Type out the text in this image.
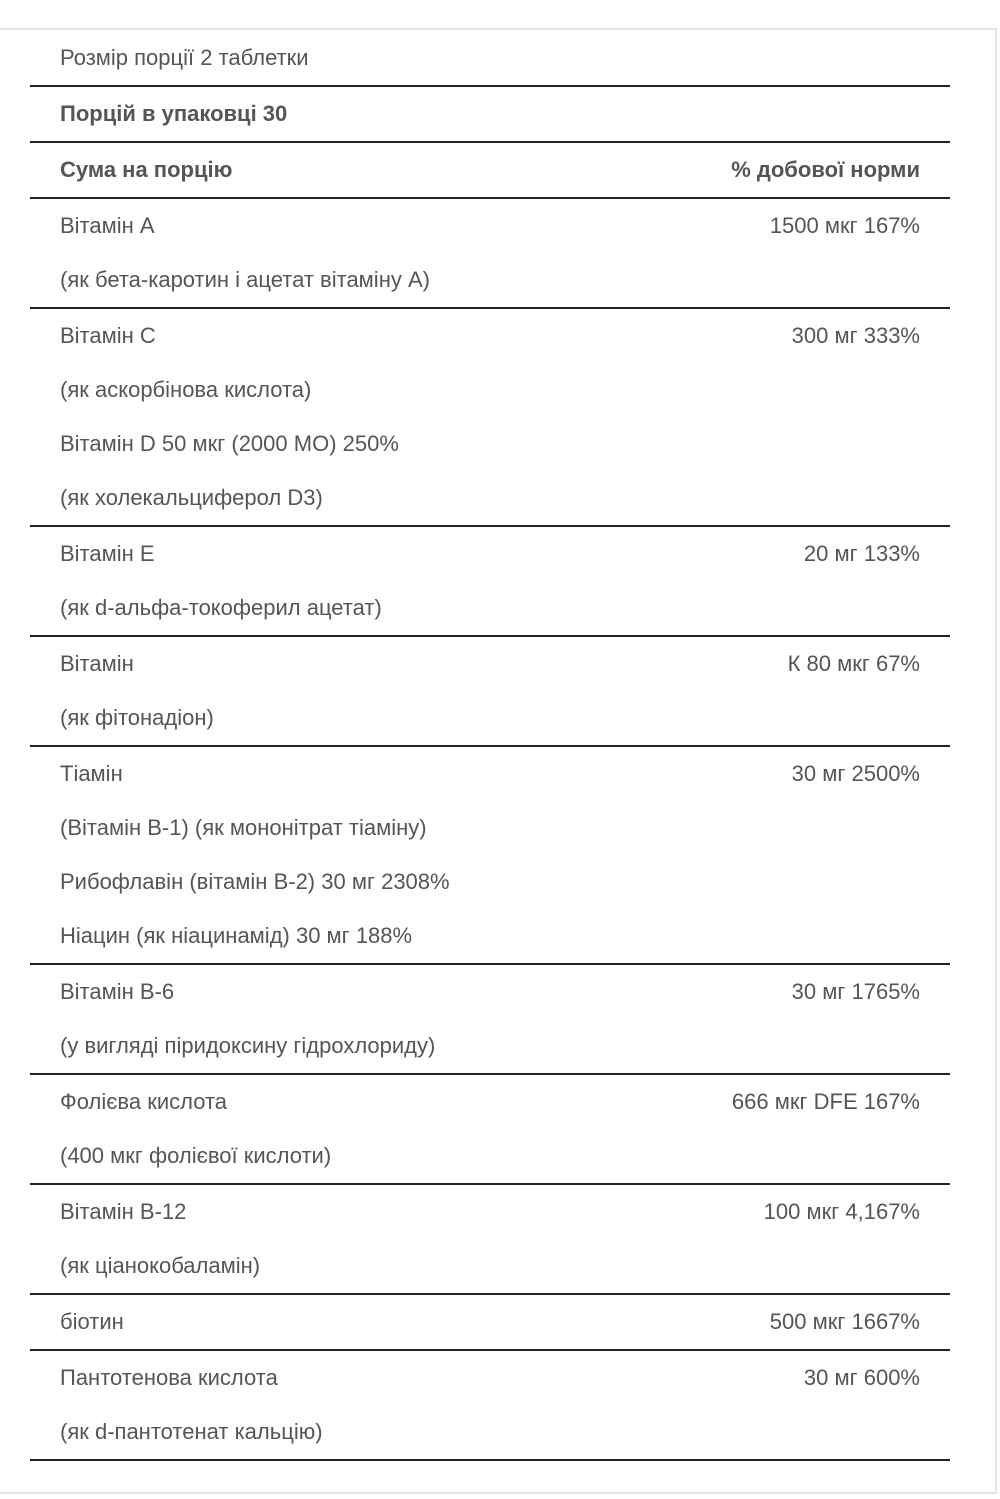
Розмір порції 2 таблетки
Порцій в упаковці 30
Сума на порцію	% добової норми
Вітамін А	1500 мкг 167%
(як бета-каротин і ацетат вітаміну А)
Вітамін С	300 мг 333%
(як аскорбінова кислота)
Вітамін D 50 мкг (2000 МО) 250%
(як холекальциферол D3)
Вітамін Е	20 мг 133%
(як d-альфа-токоферил ацетат)
Вітамін	К 80 мкг 67%
(як фітонадіон)
Тіамін	30 мг 2500%
(Вітамін В-1) (як мононітрат тіаміну)
Рибофлавін (вітамін В-2) 30 мг 2308%
Ніацин (як ніацинамід) 30 мг 188%
Вітамін В-6	30 мг 1765%
(у вигляді піридоксину гідрохлориду)
Фолієва кислота	666 мкг DFE 167%
(400 мкг фолієвої кислоти)
Вітамін В-12	100 мкг 4,167%
(як ціанокобаламін)
біотин	500 мкг 1667%
Пантотенова кислота	30 мг 600%
(як d-пантотенат кальцію)
